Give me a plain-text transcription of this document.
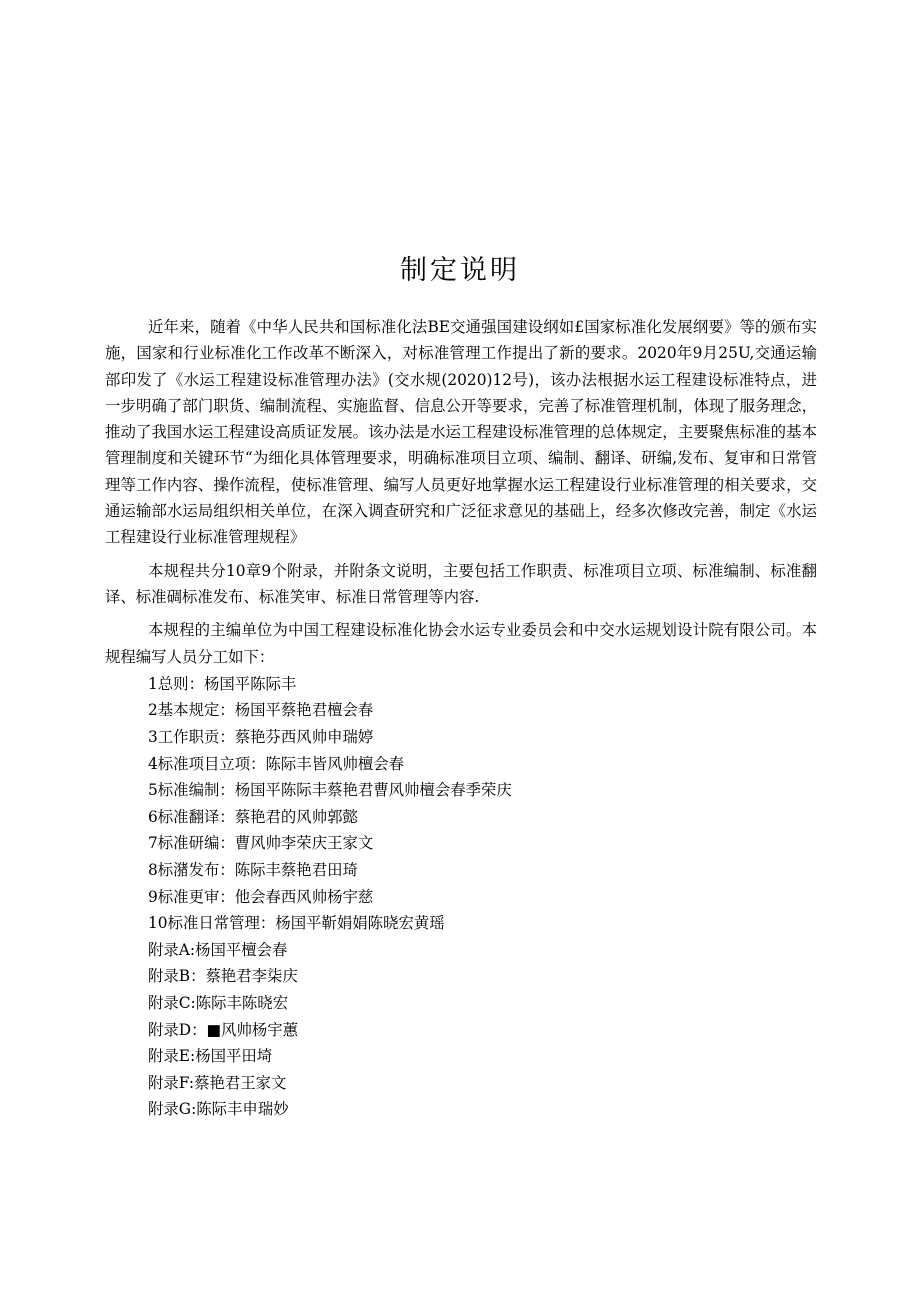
制定说明

近年来，随着《中华人民共和国标准化法BE交通强国建设纲如£国家标准化发展纲要》等的颁布实施，国家和行业标准化工作改革不断深入，对标准管理工作提出了新的要求。2020年9月25U,交通运输部印发了《水运工程建设标准管理办法》(交水规(2020)12号)，该办法根据水运工程建设标准特点，进一步明确了部门职货、编制流程、实施监督、信息公开等要求，完善了标准管理机制，体现了服务理念，推动了我国水运工程建设高质证发展。该办法是水运工程建设标准管理的总体规定，主要聚焦标准的基本管理制度和关键环节“为细化具体管理要求，明确标准项目立项、编制、翻译、研编,发布、复审和日常管理等工作内容、操作流程，使标准管理、编写人员更好地掌握水运工程建设行业标准管理的相关要求，交通运输部水运局组织相关单位，在深入调查研究和广泛征求意见的基础上，经多次修改完善，制定《水运工程建设行业标准管理规程》

本规程共分10章9个附录，并附条文说明，主要包括工作职责、标准项目立项、标准编制、标准翻译、标准碉标准发布、标准笑审、标准日常管理等内容.

本规程的主编单位为中国工程建设标准化协会水运专业委员会和中交水运规划设计院有限公司。本规程编写人员分工如下：

1总则：杨国平陈际丰
2基本规定：杨国平蔡艳君檀会春
3工作职贡：蔡艳芬西风帅申瑞婷
4标准项目立项：陈际丰皆风帅檀会春
5标准编制：杨国平陈际丰蔡艳君曹风帅檀会春季荣庆
6标准翻译：蔡艳君的风帅郭懿
7标准研编：曹风帅李荣庆王家文
8标潴发布：陈际丰蔡艳君田琦
9标准更审：他会春西风帅杨宇慈
10标准日常管理：杨国平靳娟娟陈晓宏黄瑶
附录A:杨国平檀会春
附录B：蔡艳君李柒庆
附录C:陈际丰陈晓宏
附录D：■风帅杨宇蕙
附录E:杨国平田埼
附录F:蔡艳君王家文
附录G:陈际丰申瑞妙
